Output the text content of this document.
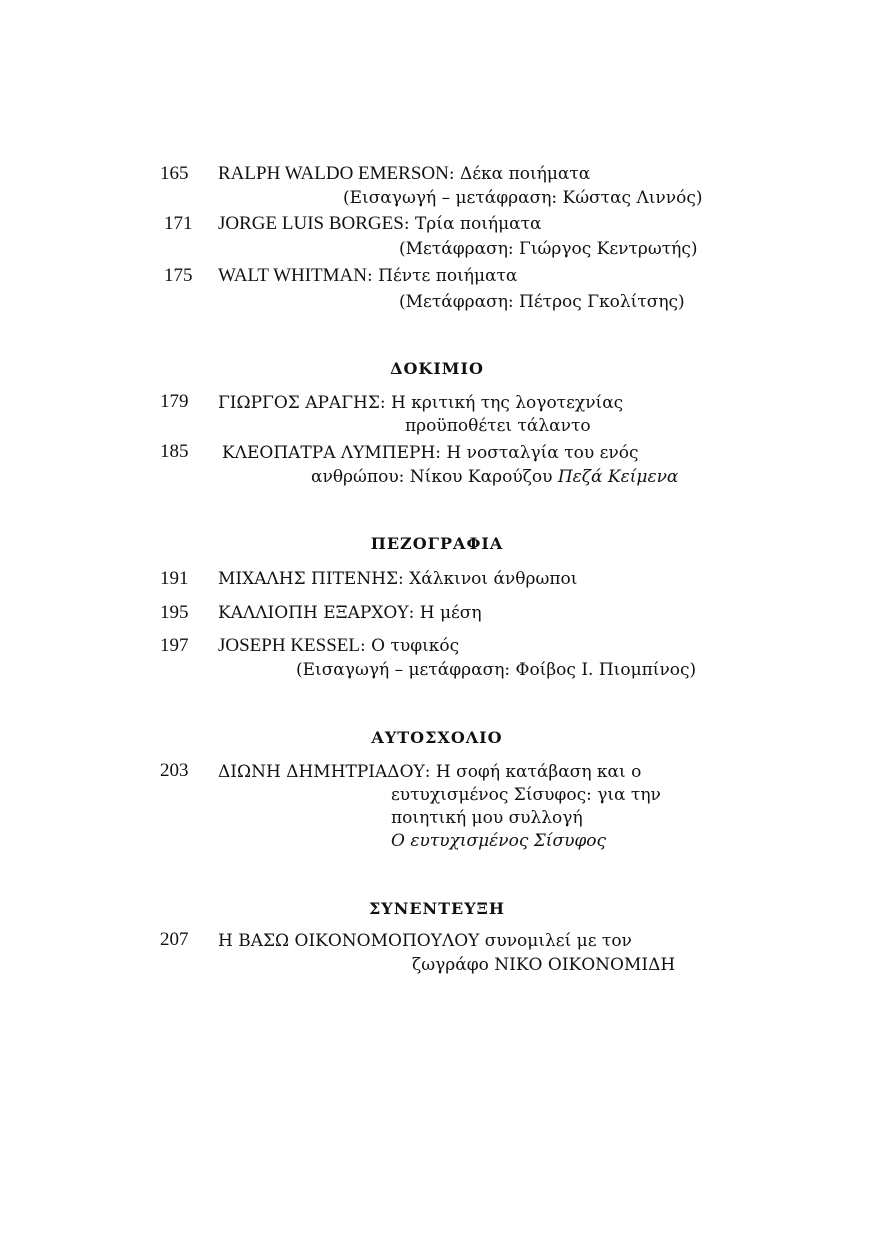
165 RALPH WALDO EMERSON: Δέκα ποιήματα
(Εισαγωγή – μετάφραση: Κώστας Λιννός)
171 JORGE LUIS BORGES: Τρία ποιήματα
(Μετάφραση: Γιώργος Κεντρωτής)
175 WALT WHITMAN: Πέντε ποιήματα
(Μετάφραση: Πέτρος Γκολίτσης)
ΔΟΚΙΜΙΟ
179 ΓΙΩΡΓΟΣ ΑΡΑΓΗΣ: Η κριτική της λογοτεχνίας
προϋποθέτει τάλαντο
185 ΚΛΕΟΠΑΤΡΑ ΛΥΜΠΕΡΗ: Η νοσταλγία του ενός
ανθρώπου: Νίκου Καρούζου Πεζά Κείμενα
ΠΕΖΟΓΡΑΦΙΑ
191 ΜΙΧΑΛΗΣ ΠΙΤΕΝΗΣ: Χάλκινοι άνθρωποι
195 ΚΑΛΛΙΟΠΗ ΕΞΑΡΧΟΥ: Η μέση
197 JOSEPH KESSEL: Ο τυφικός
(Εισαγωγή – μετάφραση: Φοίβος Ι. Πιομπίνος)
ΑΥΤΟΣΧΟΛΙΟ
203 ΔΙΩΝΗ ΔΗΜΗΤΡΙΑΔΟΥ: Η σοφή κατάβαση και ο
ευτυχισμένος Σίσυφος: για την
ποιητική μου συλλογή
Ο ευτυχισμένος Σίσυφος
ΣΥΝΕΝΤΕΥΞΗ
207 Η ΒΑΣΩ ΟΙΚΟΝΟΜΟΠΟΥΛΟΥ συνομιλεί με τον
ζωγράφο ΝΙΚΟ ΟΙΚΟΝΟΜΙΔΗ
